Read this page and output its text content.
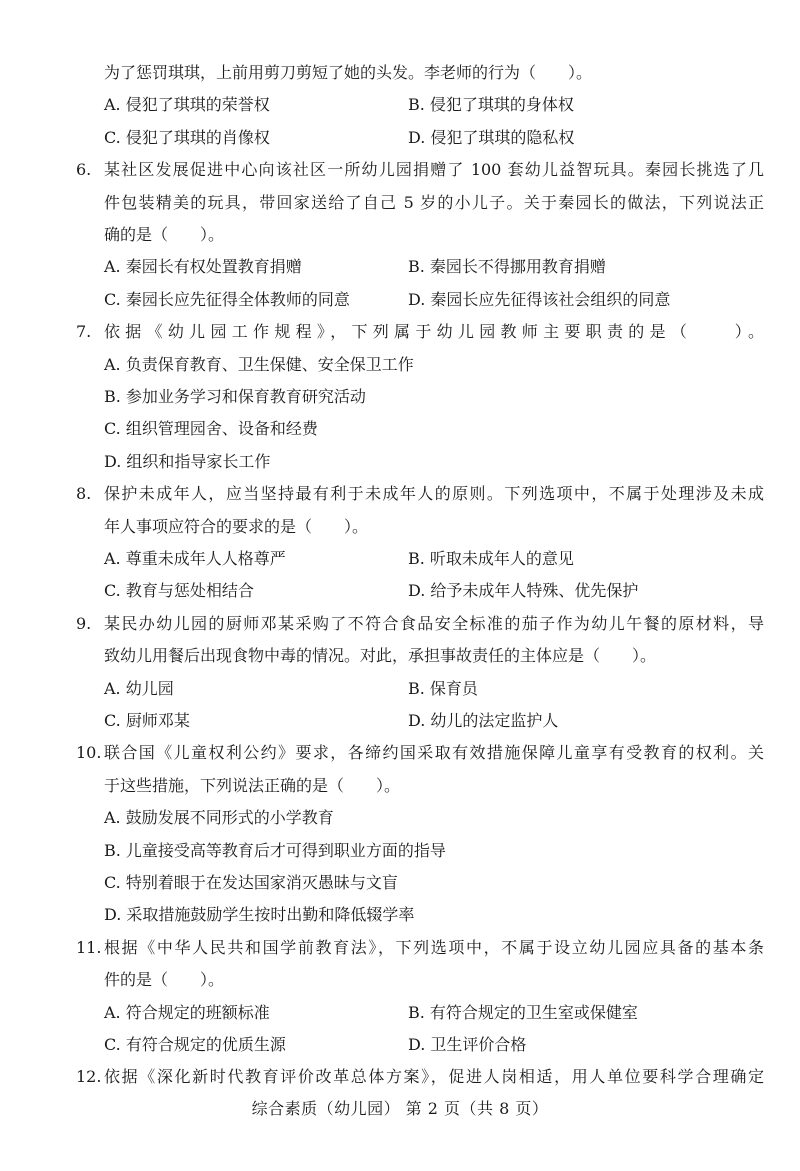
为了惩罚琪琪，上前用剪刀剪短了她的头发。李老师的行为（　　）。
A. 侵犯了琪琪的荣誉权	B. 侵犯了琪琪的身体权
C. 侵犯了琪琪的肖像权	D. 侵犯了琪琪的隐私权
6. 某社区发展促进中心向该社区一所幼儿园捐赠了 100 套幼儿益智玩具。秦园长挑选了几
件包装精美的玩具，带回家送给了自己 5 岁的小儿子。关于秦园长的做法，下列说法正
确的是（　　）。
A. 秦园长有权处置教育捐赠	B. 秦园长不得挪用教育捐赠
C. 秦园长应先征得全体教师的同意	D. 秦园长应先征得该社会组织的同意
7. 依据《幼儿园工作规程》，下列属于幼儿园教师主要职责的是（　　）。
A. 负责保育教育、卫生保健、安全保卫工作
B. 参加业务学习和保育教育研究活动
C. 组织管理园舍、设备和经费
D. 组织和指导家长工作
8. 保护未成年人，应当坚持最有利于未成年人的原则。下列选项中，不属于处理涉及未成
年人事项应符合的要求的是（　　）。
A. 尊重未成年人人格尊严	B. 听取未成年人的意见
C. 教育与惩处相结合	D. 给予未成年人特殊、优先保护
9. 某民办幼儿园的厨师邓某采购了不符合食品安全标准的茄子作为幼儿午餐的原材料，导
致幼儿用餐后出现食物中毒的情况。对此，承担事故责任的主体应是（　　）。
A. 幼儿园	B. 保育员
C. 厨师邓某	D. 幼儿的法定监护人
10. 联合国《儿童权利公约》要求，各缔约国采取有效措施保障儿童享有受教育的权利。关
于这些措施，下列说法正确的是（　　）。
A. 鼓励发展不同形式的小学教育
B. 儿童接受高等教育后才可得到职业方面的指导
C. 特别着眼于在发达国家消灭愚昧与文盲
D. 采取措施鼓励学生按时出勤和降低辍学率
11. 根据《中华人民共和国学前教育法》，下列选项中，不属于设立幼儿园应具备的基本条
件的是（　　）。
A. 符合规定的班额标准	B. 有符合规定的卫生室或保健室
C. 有符合规定的优质生源	D. 卫生评价合格
12. 依据《深化新时代教育评价改革总体方案》，促进人岗相适，用人单位要科学合理确定
综合素质（幼儿园） 第 2 页（共 8 页）
